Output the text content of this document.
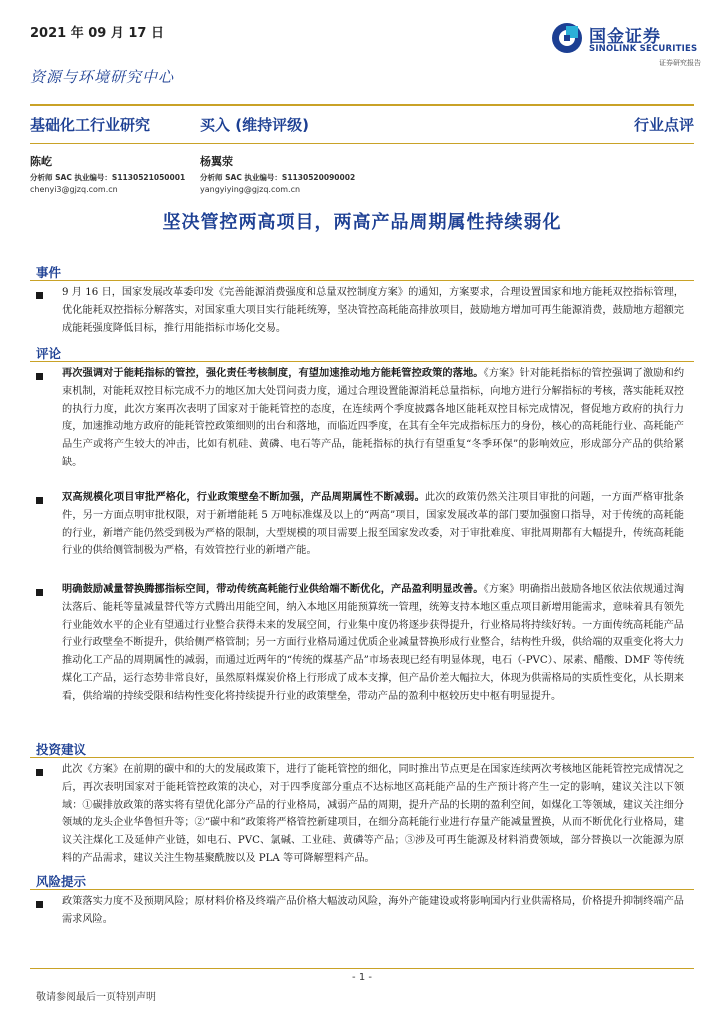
2021 年 09 月 17 日	国金证券
SINOLINK SECURITIES
证券研究报告
资源与环境研究中心
基础化工行业研究	买入 (维持评级)	行业点评
陈屹
分析师 SAC 执业编号：S1130521050001
chenyi3@gjzq.com.cn
杨翼荥
分析师 SAC 执业编号：S1130520090002
yangyiying@gjzq.com.cn
坚决管控两高项目，两高产品周期属性持续弱化
事件
9 月 16 日，国家发展改革委印发《完善能源消费强度和总量双控制度方案》的通知，方案要求，合理设置国家和地方能耗双控指标管理，优化能耗双控指标分解落实，对国家重大项目实行能耗统筹，坚决管控高耗能高排放项目，鼓励地方增加可再生能源消费，鼓励地方超额完成能耗强度降低目标，推行用能指标市场化交易。
评论
再次强调对于能耗指标的管控，强化责任考核制度，有望加速推动地方能耗管控政策的落地。《方案》针对能耗指标的管控强调了激励和约束机制，对能耗双控目标完成不力的地区加大处罚问责力度，通过合理设置能源消耗总量指标，向地方进行分解指标的考核，落实能耗双控的执行力度，此次方案再次表明了国家对于能耗管控的态度，在连续两个季度披露各地区能耗双控目标完成情况，督促地方政府的执行力度，加速推动地方政府的能耗管控政策细则的出台和落地，而临近四季度，在其有全年完成指标压力的身份，核心的高耗能行业、高耗能产品生产或将产生较大的冲击，比如有机硅、黄磷、电石等产品，能耗指标的执行有望重复“冬季环保”的影响效应，形成部分产品的供给紧缺。
双高规模化项目审批严格化，行业政策壁垒不断加强，产品周期属性不断减弱。此次的政策仍然关注项目审批的问题，一方面严格审批条件，另一方面点明审批权限，对于新增能耗 5 万吨标准煤及以上的“两高”项目，国家发展改革的部门要加强窗口指导，对于传统的高耗能的行业，新增产能仍然受到极为严格的限制，大型规模的项目需要上报至国家发改委，对于审批难度、审批周期都有大幅提升，传统高耗能行业的供给侧管制极为严格，有效管控行业的新增产能。
明确鼓励减量替换腾挪指标空间，带动传统高耗能行业供给端不断优化，产品盈利明显改善。《方案》明确指出鼓励各地区依法依规通过淘汰落后、能耗等量减量替代等方式腾出用能空间，纳入本地区用能预算统一管理，统筹支持本地区重点项目新增用能需求，意味着具有领先行业能效水平的企业有望通过行业整合获得未来的发展空间，行业集中度仍将逐步获得提升，行业格局将持续好转。一方面传统高耗能产品行业行政壁垒不断提升，供给侧严格管制；另一方面行业格局通过优质企业减量替换形成行业整合，结构性升级，供给端的双重变化将大力推动化工产品的周期属性的减弱，而通过近两年的“传统的煤基产品”市场表现已经有明显体现，电石（-PVC）、尿素、醋酸、DMF 等传统煤化工产品，运行态势非常良好，虽然原料煤炭价格上行形成了成本支撑，但产品价差大幅拉大，体现为供需格局的实质性变化，从长期来看，供给端的持续受限和结构性变化将持续提升行业的政策壁垒，带动产品的盈利中枢较历史中枢有明显提升。
投资建议
此次《方案》在前期的碳中和的大的发展政策下，进行了能耗管控的细化，同时推出节点更是在国家连续两次考核地区能耗管控完成情况之后，再次表明国家对于能耗管控政策的决心，对于四季度部分重点不达标地区高耗能产品的生产预计将产生一定的影响，建议关注以下领域：①碳排放政策的落实将有望优化部分产品的行业格局，减弱产品的周期，提升产品的长期的盈利空间，如煤化工等领域，建议关注细分领域的龙头企业华鲁恒升等；②“碳中和”政策将严格管控新建项目，在细分高耗能行业进行存量产能减量置换，从而不断优化行业格局，建议关注煤化工及延伸产业链，如电石、PVC、氯碱、工业硅、黄磷等产品；③涉及可再生能源及材料消费领域，部分替换以一次能源为原料的产品需求，建议关注生物基聚酰胺以及 PLA 等可降解塑料产品。
风险提示
政策落实力度不及预期风险；原材料价格及终端产品价格大幅波动风险，海外产能建设或将影响国内行业供需格局，价格提升抑制终端产品需求风险。
- 1 -
敬请参阅最后一页特别声明
